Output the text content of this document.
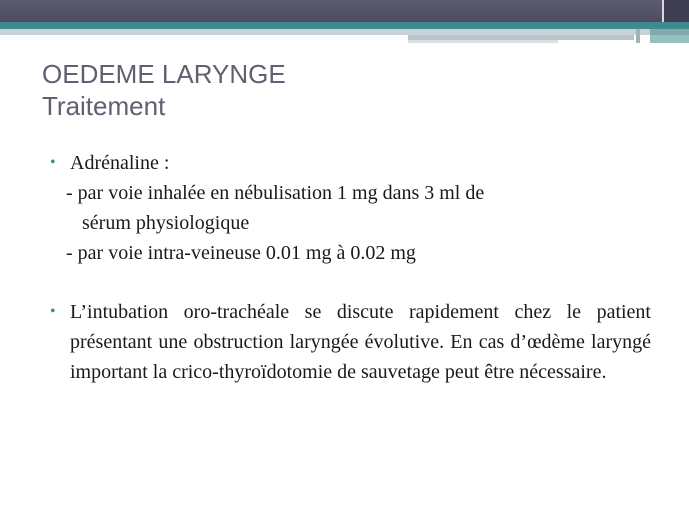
OEDEME LARYNGE
Traitement
• Adrénaline :
- par voie inhalée en nébulisation 1 mg dans 3 ml de
sérum physiologique
- par voie intra-veineuse 0.01 mg à 0.02 mg
• L’intubation oro-trachéale se discute rapidement chez le patient présentant une obstruction laryngée évolutive. En cas d’œdème laryngé important la crico-thyroïdotomie de sauvetage peut être nécessaire.
